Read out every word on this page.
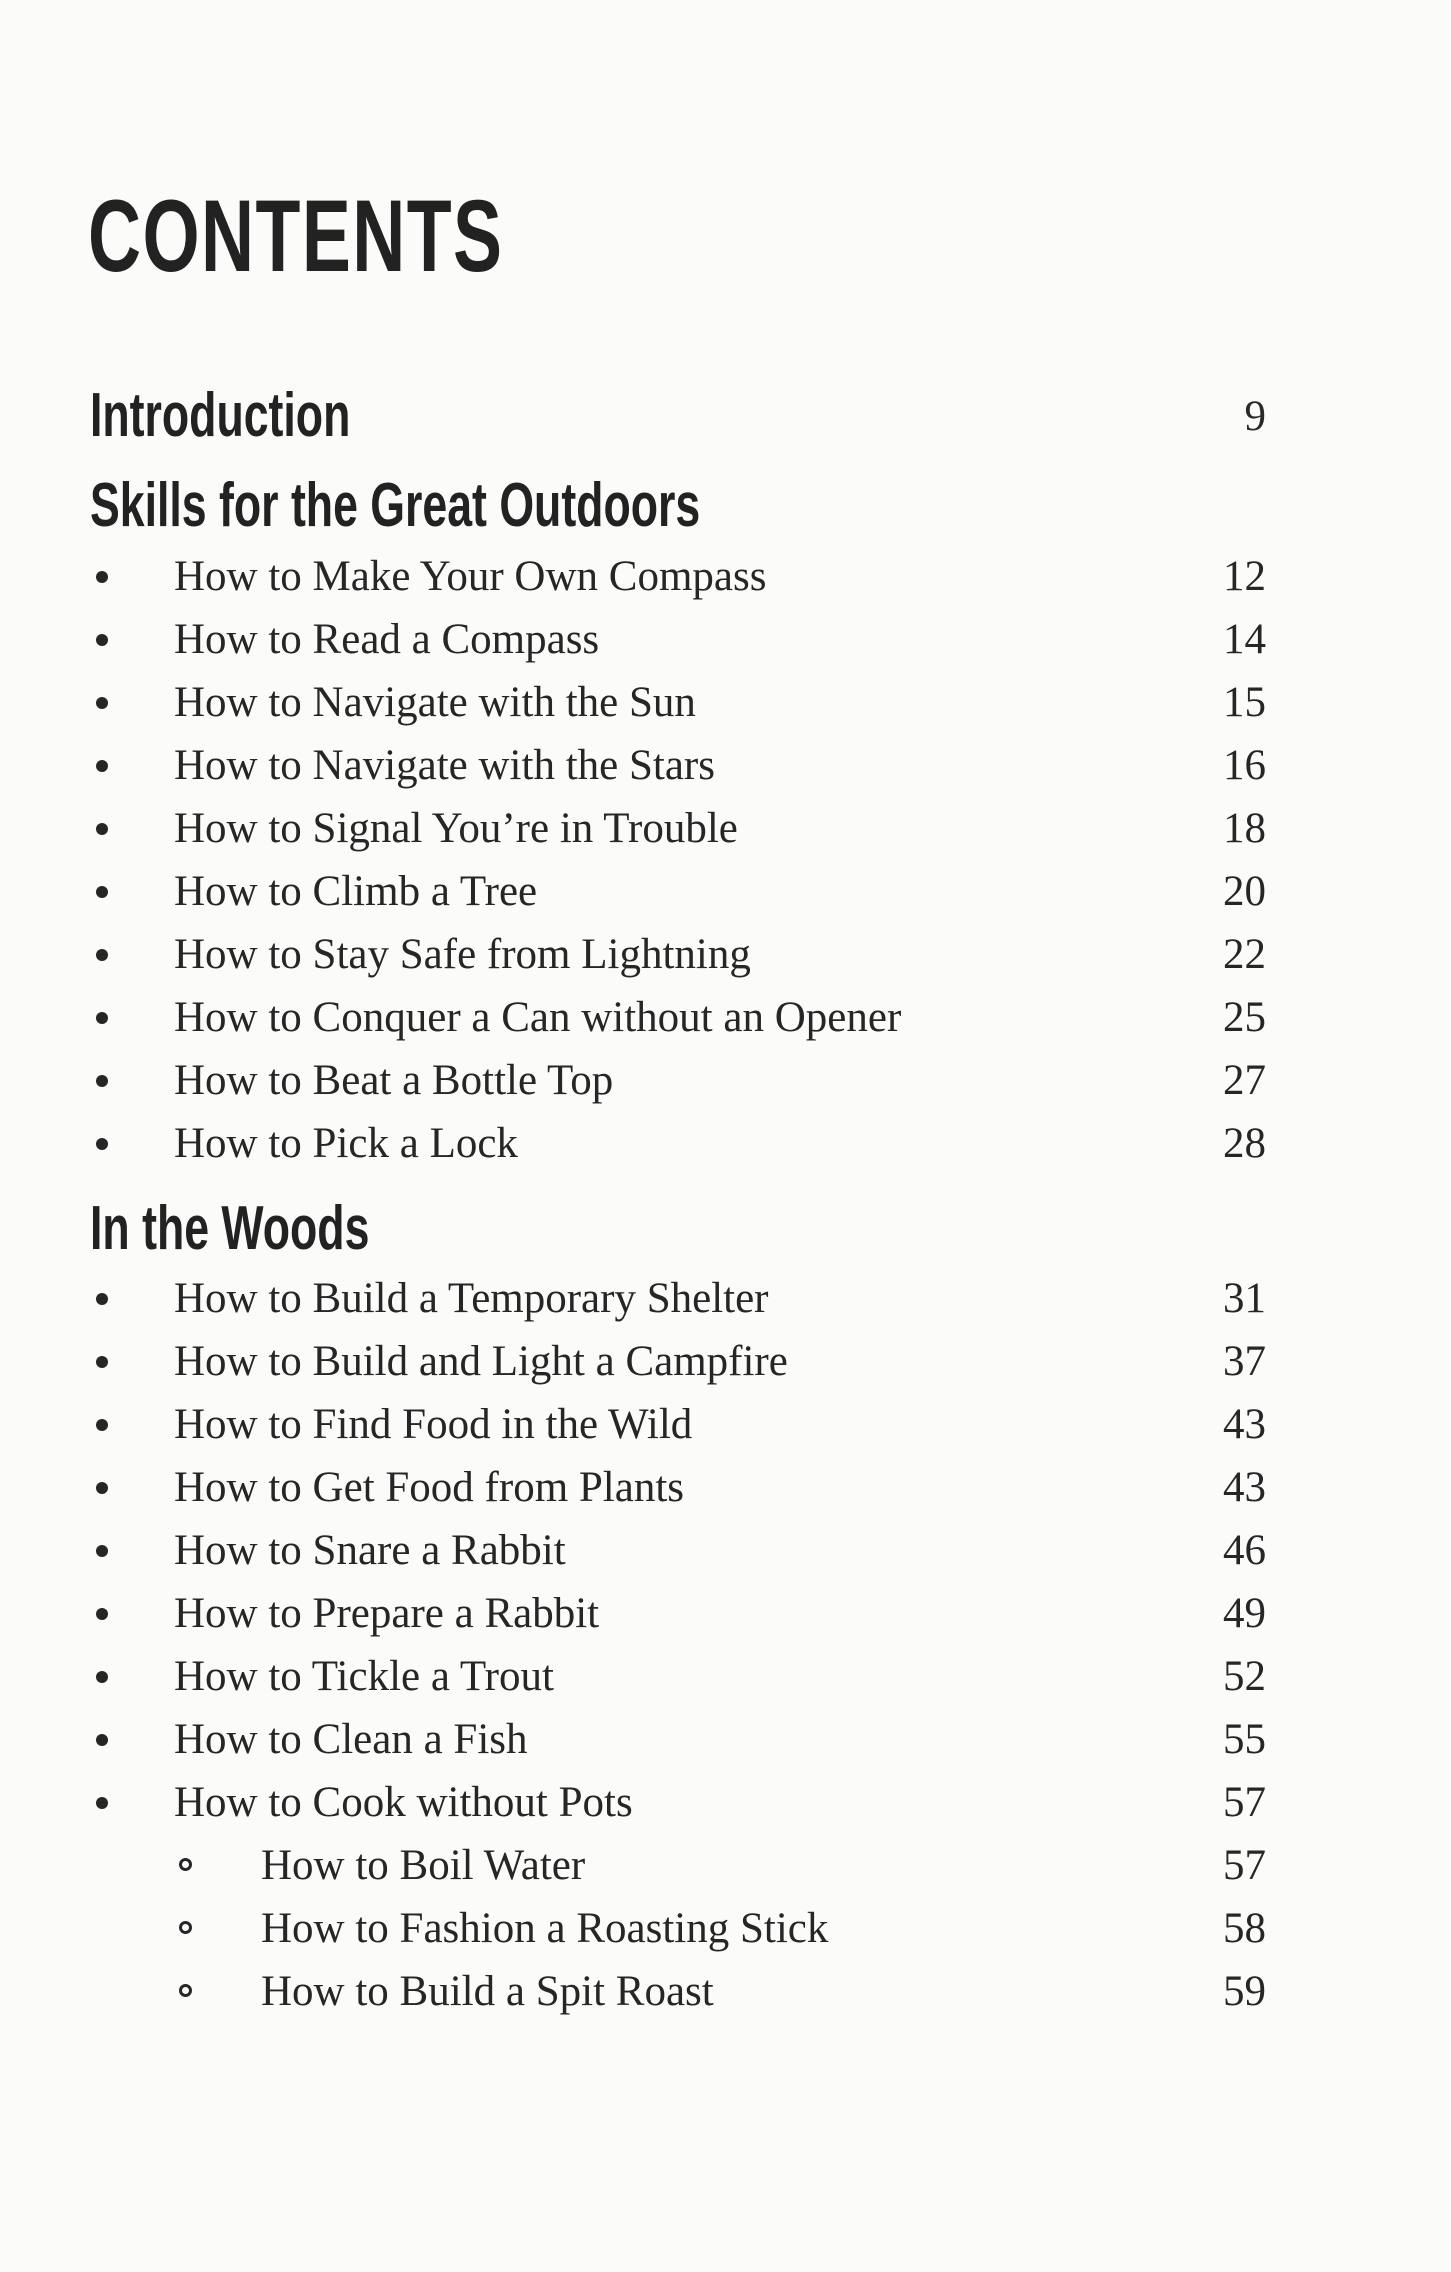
CONTENTS
Introduction	9
Skills for the Great Outdoors
How to Make Your Own Compass	12
How to Read a Compass	14
How to Navigate with the Sun	15
How to Navigate with the Stars	16
How to Signal You’re in Trouble	18
How to Climb a Tree	20
How to Stay Safe from Lightning	22
How to Conquer a Can without an Opener	25
How to Beat a Bottle Top	27
How to Pick a Lock	28
In the Woods
How to Build a Temporary Shelter	31
How to Build and Light a Campfire	37
How to Find Food in the Wild	43
How to Get Food from Plants	43
How to Snare a Rabbit	46
How to Prepare a Rabbit	49
How to Tickle a Trout	52
How to Clean a Fish	55
How to Cook without Pots	57
How to Boil Water	57
How to Fashion a Roasting Stick	58
How to Build a Spit Roast	59
